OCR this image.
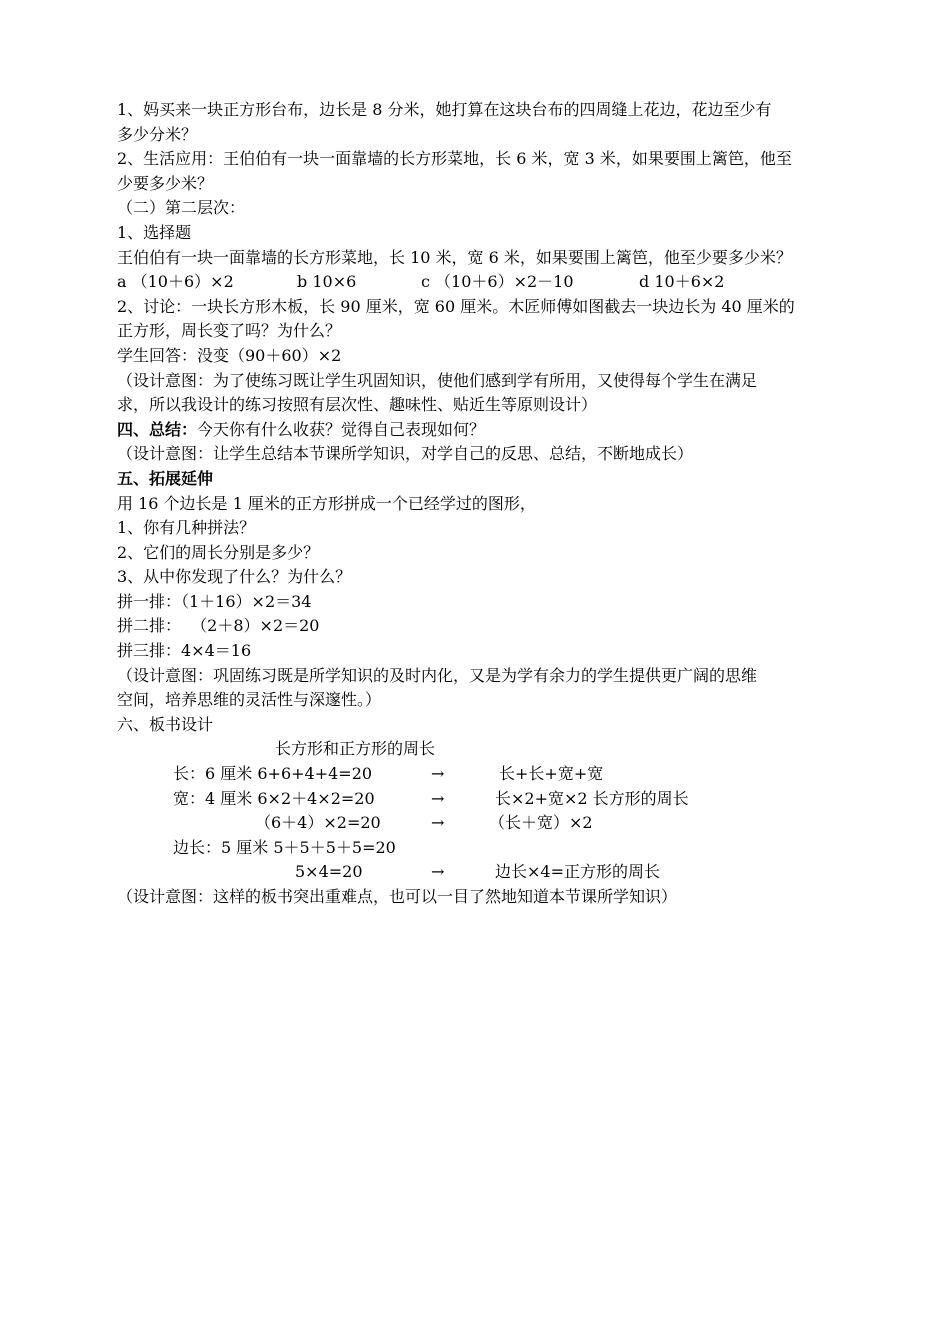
1、妈买来一块正方形台布，边长是 8 分米，她打算在这块台布的四周缝上花边，花边至少有
多少分米？
2、生活应用：王伯伯有一块一面靠墙的长方形菜地，长 6 米，宽 3 米，如果要围上篱笆，他至
少要多少米？
（二）第二层次：
1、选择题
王伯伯有一块一面靠墙的长方形菜地，长 10 米，宽 6 米，如果要围上篱笆，他至少要多少米？
a （10＋6）×2	b 10×6	c （10＋6）×2－10	d 10＋6×2
2、讨论：一块长方形木板，长 90 厘米，宽 60 厘米。木匠师傅如图截去一块边长为 40 厘米的
正方形，周长变了吗？为什么？
学生回答：没变（90＋60）×2
（设计意图：为了使练习既让学生巩固知识，使他们感到学有所用，又使得每个学生在满足
求，所以我设计的练习按照有层次性、趣味性、贴近生等原则设计）
四、总结：今天你有什么收获？觉得自己表现如何？
（设计意图：让学生总结本节课所学知识，对学自己的反思、总结，不断地成长）
五、拓展延伸
用 16 个边长是 1 厘米的正方形拼成一个已经学过的图形，
1、你有几种拼法？
2、它们的周长分别是多少？
3、从中你发现了什么？为什么？
拼一排：（1＋16）×2＝34
拼二排：  （2＋8）×2＝20
拼三排：4×4＝16
（设计意图：巩固练习既是所学知识的及时内化，又是为学有余力的学生提供更广阔的思维
空间，培养思维的灵活性与深邃性。）
六、板书设计
长方形和正方形的周长
长：6 厘米 6+6+4+4=20	→	长+长+宽+宽
宽：4 厘米 6×2＋4×2=20	→	长×2+宽×2 长方形的周长
（6＋4）×2=20	→	（长＋宽）×2
边长：5 厘米 5＋5＋5＋5=20
5×4=20	→	边长×4=正方形的周长
（设计意图：这样的板书突出重难点，也可以一目了然地知道本节课所学知识）
